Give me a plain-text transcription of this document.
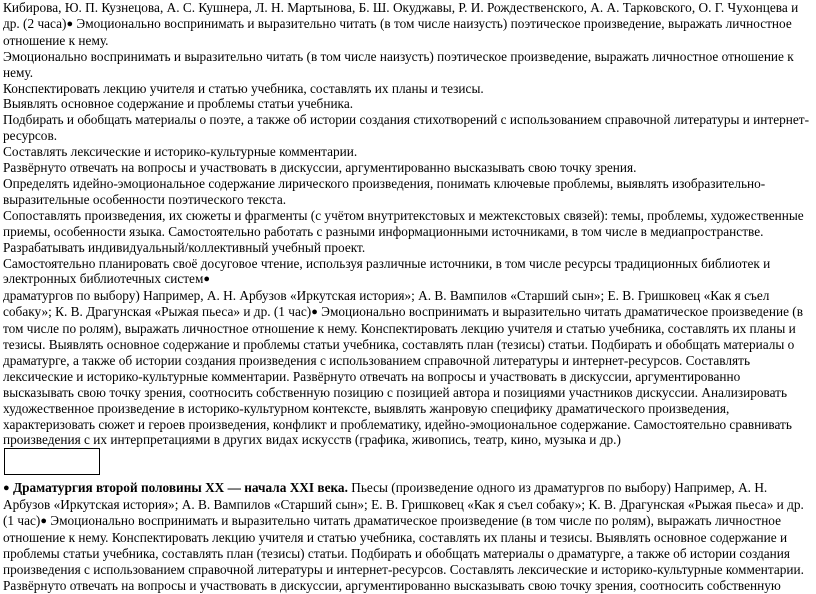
Кибирова, Ю. П. Кузнецова, А. С. Кушнера, Л. Н. Мартынова, Б. Ш. Окуджавы, Р. И. Рождественского, А. А. Тарковского, О. Г. Чухонцева и др. (2 часа)● Эмоционально воспринимать и выразительно читать (в том числе наизусть) поэтическое произведение, выражать личностное отношение к нему.

Эмоционально воспринимать и выразительно читать (в том числе наизусть) поэтическое произведение, выражать личностное отношение к нему.

Конспектировать лекцию учителя и статью учебника, составлять их планы и тезисы.

Выявлять основное содержание и проблемы статьи учебника.

Подбирать и обобщать материалы о поэте, а также об истории создания стихотворений с использованием справочной литературы и интернет-ресурсов.

Составлять лексические и историко-культурные комментарии.

Развёрнуто отвечать на вопросы и участвовать в дискуссии, аргументированно высказывать свою точку зрения.

Определять идейно-эмоциональное содержание лирического произведения, понимать ключевые проблемы, выявлять изобразительно-выразительные особенности поэтического текста.

Сопоставлять произведения, их сюжеты и фрагменты (с учётом внутритекстовых и межтекстовых связей): темы, проблемы, художественные приемы, особенности языка. Самостоятельно работать с разными информационными источниками, в том числе в медиапространстве.

Разрабатывать индивидуальный/коллективный учебный проект.

Самостоятельно планировать своё досуговое чтение, используя различные источники, в том числе ресурсы традиционных библиотек и электронных библиотечных систем●

драматургов по выбору) Например, А. Н. Арбузов «Иркутская история»; А. В. Вампилов «Старший сын»; Е. В. Гришковец «Как я съел собаку»; К. В. Драгунская «Рыжая пьеса» и др. (1 час)● Эмоционально воспринимать и выразительно читать драматическое произведение (в том числе по ролям), выражать личностное отношение к нему. Конспектировать лекцию учителя и статью учебника, составлять их планы и тезисы. Выявлять основное содержание и проблемы статьи учебника, составлять план (тезисы) статьи. Подбирать и обобщать материалы о драматурге, а также об истории создания произведения с использованием справочной литературы и интернет-ресурсов. Составлять лексические и историко-культурные комментарии. Развёрнуто отвечать на вопросы и участвовать в дискуссии, аргументированно высказывать свою точку зрения, соотносить собственную позицию с позицией автора и позициями участников дискуссии. Анализировать художественное произведение в историко-культурном контексте, выявлять жанровую специфику драматического произведения, характеризовать сюжет и героев произведения, конфликт и проблематику, идейно-эмоциональное содержание. Самостоятельно сравнивать произведения с их интерпретациями в других видах искусств (графика, живопись, театр, кино, музыка и др.)

● Драматургия второй половины XX — начала XXI века. Пьесы (произведение одного из драматургов по выбору) Например, А. Н. Арбузов «Иркутская история»; А. В. Вампилов «Старший сын»; Е. В. Гришковец «Как я съел собаку»; К. В. Драгунская «Рыжая пьеса» и др. (1 час)● Эмоционально воспринимать и выразительно читать драматическое произведение (в том числе по ролям), выражать личностное отношение к нему. Конспектировать лекцию учителя и статью учебника, составлять их планы и тезисы. Выявлять основное содержание и проблемы статьи учебника, составлять план (тезисы) статьи. Подбирать и обобщать материалы о драматурге, а также об истории создания произведения с использованием справочной литературы и интернет-ресурсов. Составлять лексические и историко-культурные комментарии. Развёрнуто отвечать на вопросы и участвовать в дискуссии, аргументированно высказывать свою точку зрения, соотносить собственную
